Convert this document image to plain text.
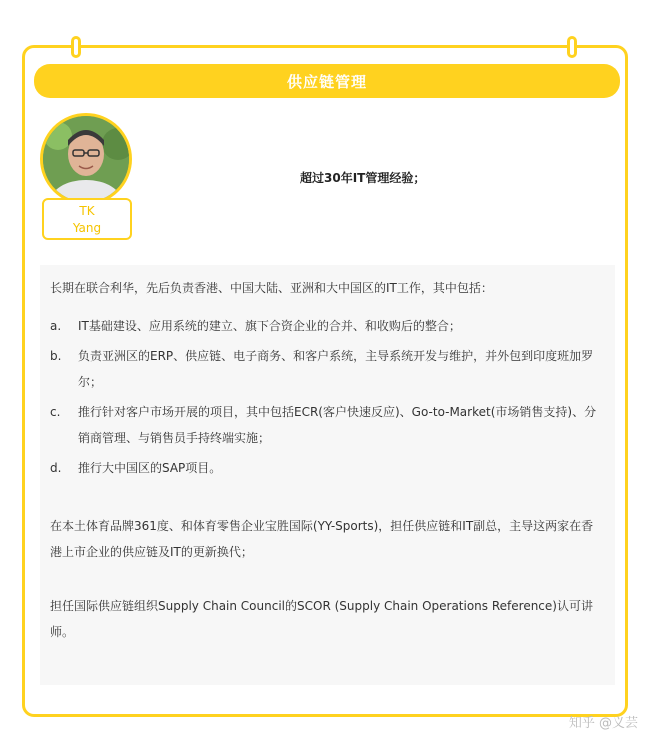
供应链管理
TK
Yang
超过30年IT管理经验；

长期在联合利华，先后负责香港、中国大陆、亚洲和大中国区的IT工作，其中包括：

a.	IT基础建设、应用系统的建立、旗下合资企业的合并、和收购后的整合；
b.	负责亚洲区的ERP、供应链、电子商务、和客户系统，主导系统开发与维护，并外包到印度班加罗尔；
c.	推行针对客户市场开展的项目，其中包括ECR(客户快速反应)、Go-to-Market(市场销售支持)、分销商管理、与销售员手持终端实施；
d.	推行大中国区的SAP项目。

在本土体育品牌361度、和体育零售企业宝胜国际(YY-Sports)，担任供应链和IT副总，主导这两家在香港上市企业的供应链及IT的更新换代；

担任国际供应链组织Supply Chain Council的SCOR (Supply Chain Operations Reference)认可讲师。

知乎 @义芸
